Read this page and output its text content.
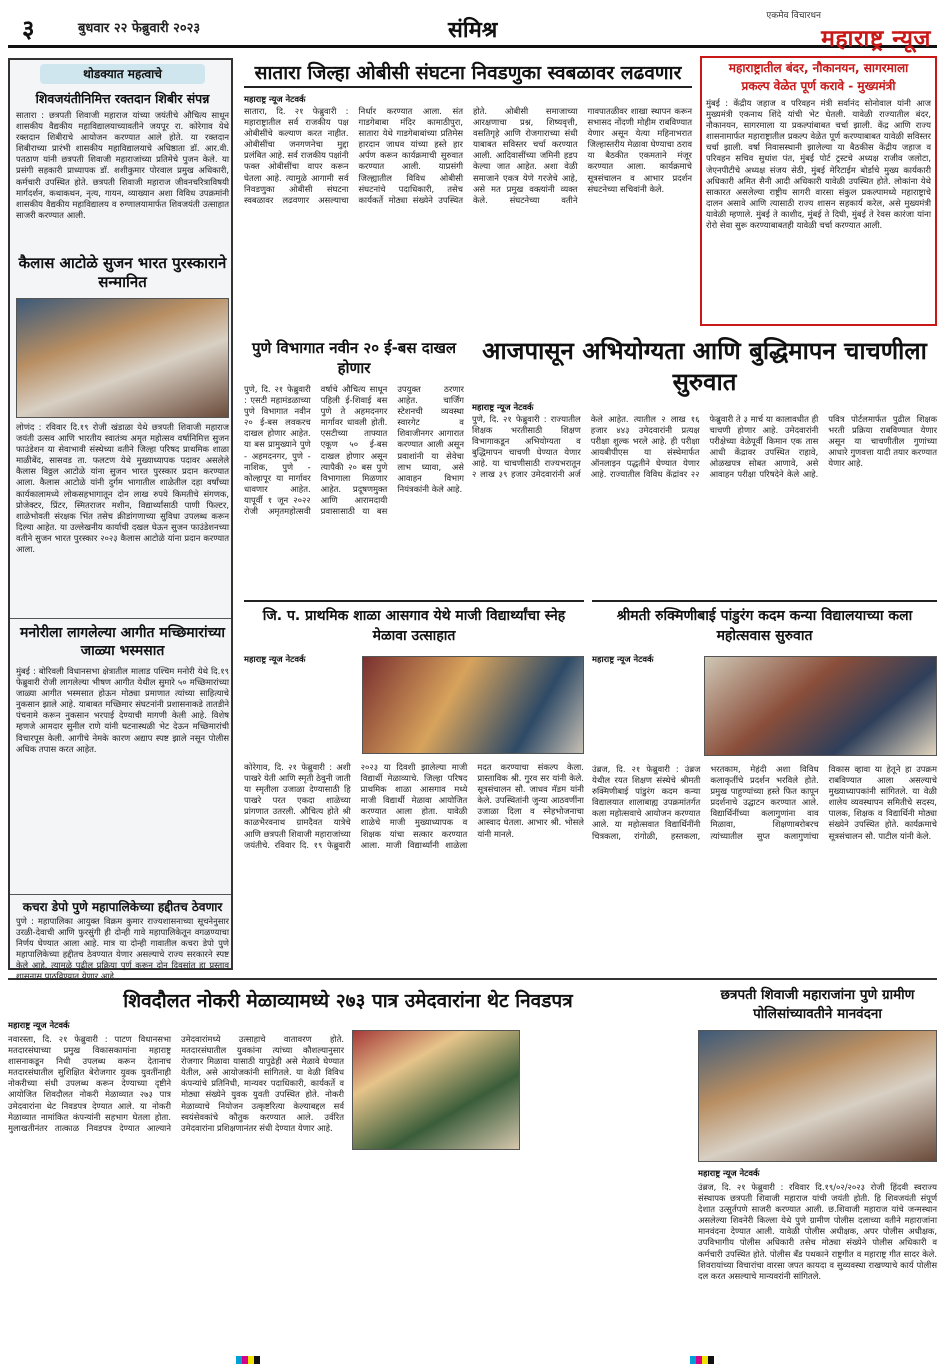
३	बुधवार २२ फेब्रुवारी २०२३	संमिश्र
एकमेव विचारधन
महाराष्ट्र न्यूज
थोडक्यात महत्वाचे
शिवजयंतीनिमित्त रक्तदान शिबीर संपन्न
सातारा : छत्रपती शिवाजी महाराज यांच्या जयंतीचे औचित्य साधून शासकीय वैद्यकीय महाविद्यालयाच्यावतीने जयपूर रा. कोरेगाव येथे रक्तदान शिबीराचे आयोजन करण्यात आले होते. या रक्तदान शिबीराच्या प्रारंभी शासकीय महाविद्यालयाचे अधिष्ठाता डॉ. आर.वी. पतठाण यांनी छत्रपती शिवाजी महाराजांच्या प्रतिमेचे पुजन केले. या प्रसंगी सहकारी प्राध्यापक डॉ. शशीकुमार पोरवाल प्रमुख अधिकारी, कर्मचारी उपस्थित होते. छत्रपती शिवाजी महाराज जीवनचरित्राविषयी मार्गदर्शन, कथाकथन, नृत्य, गायन, व्याख्यान अशा विविध उपक्रमांनी शासकीय वैद्यकीय महाविद्यालय व रुग्णालयामार्फत शिवजयंती उत्साहात साजरी करण्यात आली.
कैलास आटोळे सुजन भारत पुरस्काराने सन्मानित
लोणंद : रविवार दि.१९ रोजी खंडाळा येथे छत्रपती शिवाजी महाराज जयंती उत्सव आणि भारतीय स्वातंत्र्य अमृत महोत्सव वर्षानिमित्त सुजन फाउंडेशन या सेवाभावी संस्थेच्या वतीने जिल्हा परिषद प्राथमिक शाळा माळीबेंद, सासवड ता. फलटण येथे मुख्याध्यापक पदावर असलेले कैलास विठ्ठल आटोळे यांना सुजन भारत पुरस्कार प्रदान करण्यात आला. कैलास आटोळे यांनी दुर्गम भागातील शाळेतील दहा वर्षांच्या कार्यकालामध्ये लोकसहभागातून दोन लाख रुपये किमतीचे संगणक, प्रोजेक्टर, प्रिंटर, स्मितराजर मशीन, विद्यार्थ्यांसाठी पाणी फिल्टर, शाळेभोवती संरक्षक भिंत तसेच क्रीडांगणाच्या सुविधा उपलब्ध करून दिल्या आहेत. या उल्लेखनीय कार्याची दखल घेऊन सुजन फाउंडेशनच्या वतीने सुजन भारत पुरस्कार २०२३ कैलास आटोळे यांना प्रदान करण्यात आला.
मनोरीला लागलेल्या आगीत मच्छिमारांच्या जाळ्या भस्मसात
मुंबई : बोरिवली विधानसभा क्षेत्रातील मालाड पश्चिम मनोरी येथे दि.१९ फेब्रुवारी रोजी लागलेल्या भीषण आगीत येथील सुमारे ५० मच्छिमारांच्या जाळ्या आगीत भस्मसात होऊन मोठ्या प्रमाणात त्यांच्या साहित्याचे नुकसान झाले आहे. याबाबत मच्छिमार संघटनांनी प्रशासनाकडे तातडीने पंचनामे करून नुकसान भरपाई देण्याची मागणी केली आहे. विशेष म्हणजे आमदार सुनील राणे यांनी घटनास्थळी भेट देऊन मच्छिमारांची विचारपूस केली. आगीचे नेमके कारण अद्याप स्पष्ट झाले नसून पोलीस अधिक तपास करत आहेत.
कचरा डेपो पुणे महापालिकेच्या हद्दीतच ठेवणार
पुणे : महापालिका आयुक्त विक्रम कुमार राज्यशासनाच्या सूचनेनुसार उरळी-देवाची आणि फुरसुंगी ही दोन्ही गावे महापालिकेतून वगळण्याचा निर्णय घेण्यात आला आहे. मात्र या दोन्ही गावातील कचरा डेपो पुणे महापालिकेच्या हद्दीतच ठेवण्यात येणार असल्याचे राज्य सरकारने स्पष्ट केले आहे. त्यामुळे पुढील प्रक्रिया पूर्ण करून दोन दिवसांत हा प्रस्ताव शासनास पाठविण्यात येणार आहे.
सातारा जिल्हा ओबीसी संघटना निवडणुका स्वबळावर लढवणार
महाराष्ट्र न्यूज नेटवर्क
सातारा, दि. २१ फेब्रुवारी : महाराष्ट्रातील सर्व राजकीय पक्ष ओबीसींचे कल्याण करत नाहीत. ओबीसींचा जनगणनेचा मुद्दा प्रलंबित आहे. सर्व राजकीय पक्षांनी फक्त ओबीसींचा वापर करून घेतला आहे. त्यामुळे आगामी सर्व निवडणुका ओबीसी संघटना स्वबळावर लढवणार असल्याचा निर्धार करण्यात आला. संत गाडगेबाबा मंदिर कामाठीपुरा, सातारा येथे गाडगेबाबांच्या प्रतिमेस हारदान जाधव यांच्या हस्ते हार अर्पण करून कार्यक्रमाची सुरुवात करण्यात आली. याप्रसंगी जिल्ह्यातील विविध ओबीसी संघटनांचे पदाधिकारी, तसेच कार्यकर्ते मोठ्या संख्येने उपस्थित होते. ओबीसी समाजाच्या आरक्षणाचा प्रश्न, शिष्यवृत्ती, वसतिगृहे आणि रोजगाराच्या संधी याबाबत सविस्तर चर्चा करण्यात आली. आदिवासींच्या जमिनी हडप केल्या जात आहेत. अशा वेळी समाजाने एकत्र येणे गरजेचे आहे, असे मत प्रमुख वक्त्यांनी व्यक्त केले. संघटनेच्या वतीने गावपातळीवर शाखा स्थापन करून सभासद नोंदणी मोहीम राबविण्यात येणार असून येत्या महिनाभरात जिल्हास्तरीय मेळावा घेण्याचा ठराव या बैठकीत एकमताने मंजूर करण्यात आला. कार्यक्रमाचे सूत्रसंचालन व आभार प्रदर्शन संघटनेच्या सचिवांनी केले.
महाराष्ट्रातील बंदर, नौकानयन, सागरमाला
प्रकल्प वेळेत पूर्ण करावे - मुख्यमंत्री
मुंबई : केंद्रीय जहाज व परिवहन मंत्री सर्वानंद सोनोवाल यांनी आज मुख्यमंत्री एकनाथ शिंदे यांची भेट घेतली. यावेळी राज्यातील बंदर, नौकानयन, सागरमाला या प्रकल्पांबाबत चर्चा झाली. केंद्र आणि राज्य शासनामार्फत महाराष्ट्रातील प्रकल्प वेळेत पूर्ण करण्याबाबत यावेळी सविस्तर चर्चा झाली. वर्षा निवासस्थानी झालेल्या या बैठकीस केंद्रीय जहाज व परिवहन सचिव सुधांश पंत, मुंबई पोर्ट ट्रस्टचे अध्यक्ष राजीव जलोटा, जेएनपीटीचे अध्यक्ष संजय सेठी, मुंबई मेरिटाईम बोर्डाचे मुख्य कार्यकारी अधिकारी अमित सैनी आदी अधिकारी यावेळी उपस्थित होते. लोकांना येथे साकारत असलेल्या राष्ट्रीय सागरी वारसा संकुल प्रकल्पामध्ये महाराष्ट्राचे दालन असावे आणि त्यासाठी राज्य शासन सहकार्य करेल, असे मुख्यमंत्री यावेळी म्हणाले. मुंबई ते काशीद, मुंबई ते दिघी, मुंबई ते रेवस कारंजा यांना रोरो सेवा सुरू करण्याबाबतही यावेळी चर्चा करण्यात आली.
पुणे विभागात नवीन २० ई-बस दाखल होणार
पुणे, दि. २१ फेब्रुवारी : एसटी महामंडळाच्या पुणे विभागात नवीन २० ई-बस लवकरच दाखल होणार आहेत. या बस प्रामुख्याने पुणे - अहमदनगर, पुणे - नाशिक, पुणे - कोल्हापूर या मार्गावर धावणार आहेत. यापूर्वी १ जून २०२२ रोजी अमृतमहोत्सवी वर्षाचे औचित्य साधून पहिली ई-शिवाई बस पुणे ते अहमदनगर मार्गावर धावली होती. एसटीच्या ताफ्यात एकूण ५० ई-बस दाखल होणार असून त्यापैकी २० बस पुणे विभागाला मिळणार आहेत. प्रदूषणमुक्त आणि आरामदायी प्रवासासाठी या बस उपयुक्त ठरणार आहेत. चार्जिंग स्टेशनची व्यवस्था स्वारगेट व शिवाजीनगर आगारात करण्यात आली असून प्रवाशांनी या सेवेचा लाभ घ्यावा, असे आवाहन विभाग नियंत्रकांनी केले आहे.
आजपासून अभियोग्यता आणि बुद्धिमापन चाचणीला सुरुवात
महाराष्ट्र न्यूज नेटवर्क
पुणे, दि. २१ फेब्रुवारी : राज्यातील शिक्षक भरतीसाठी शिक्षण विभागाकडून अभियोग्यता व बुद्धिमापन चाचणी घेण्यात येणार आहे. या चाचणीसाठी राज्यभरातून २ लाख ३९ हजार उमेदवारांनी अर्ज केले आहेत. त्यातील २ लाख १६ हजार ४४३ उमेदवारांनी प्रत्यक्ष परीक्षा शुल्क भरले आहे. ही परीक्षा आयबीपीएस या संस्थेमार्फत ऑनलाइन पद्धतीने घेण्यात येणार आहे. राज्यातील विविध केंद्रांवर २२ फेब्रुवारी ते ३ मार्च या कालावधीत ही चाचणी होणार आहे. उमेदवारांनी परीक्षेच्या वेळेपूर्वी किमान एक तास आधी केंद्रावर उपस्थित राहावे, ओळखपत्र सोबत आणावे, असे आवाहन परीक्षा परिषदेने केले आहे. पवित्र पोर्टलमार्फत पुढील शिक्षक भरती प्रक्रिया राबविण्यात येणार असून या चाचणीतील गुणांच्या आधारे गुणवत्ता यादी तयार करण्यात येणार आहे.
जि. प. प्राथमिक शाळा आसगाव येथे माजी विद्यार्थ्यांचा स्नेह मेळावा उत्साहात
महाराष्ट्र न्यूज नेटवर्क
कोरेगाव, दि. २१ फेब्रुवारी : अशी पाखरे येती आणि स्मृती ठेवुनी जाती या स्मृतीला उजाळा देण्यासाठी हि पाखरे परत एकदा शाळेच्या प्रांगणात उतरली. औचित्य होते श्री काळभैरवनाथ ग्रामदैवत यात्रेचे आणि छत्रपती शिवाजी महाराजांच्या जयंतीचे. रविवार दि. १९ फेब्रुवारी २०२३ या दिवशी झालेल्या माजी विद्यार्थी मेळाव्याचे. जिल्हा परिषद प्राथमिक शाळा आसगाव मध्ये माजी विद्यार्थी मेळावा आयोजित करण्यात आला होता. यावेळी शाळेचे माजी मुख्याध्यापक व शिक्षक यांचा सत्कार करण्यात आला. माजी विद्यार्थ्यांनी शाळेला मदत करण्याचा संकल्प केला. प्रास्ताविक श्री. गुरव सर यांनी केले. सूत्रसंचालन सौ. जाधव मॅडम यांनी केले. उपस्थितांनी जुन्या आठवणींना उजाळा दिला व स्नेहभोजनाचा आस्वाद घेतला. आभार श्री. भोसले यांनी मानले.
श्रीमती रुक्मिणीबाई पांडुरंग कदम कन्या विद्यालयाच्या कला महोत्सवास सुरुवात
महाराष्ट्र न्यूज नेटवर्क
उंब्रज, दि. २१ फेब्रुवारी : उंब्रज येथील रयत शिक्षण संस्थेचे श्रीमती रुक्मिणीबाई पांडुरंग कदम कन्या विद्यालयात शालाबाह्य उपक्रमांतर्गत कला महोत्सवाचे आयोजन करण्यात आले. या महोत्सवात विद्यार्थिनींनी चित्रकला, रांगोळी, हस्तकला, भरतकाम, मेहंदी अशा विविध कलाकृतींचे प्रदर्शन भरविले होते. प्रमुख पाहुण्यांच्या हस्ते फित कापून प्रदर्शनाचे उद्घाटन करण्यात आले. विद्यार्थिनींच्या कलागुणांना वाव मिळावा, शिक्षणाबरोबरच त्यांच्यातील सुप्त कलागुणांचा विकास व्हावा या हेतूने हा उपक्रम राबविण्यात आला असल्याचे मुख्याध्यापकांनी सांगितले. या वेळी शालेय व्यवस्थापन समितीचे सदस्य, पालक, शिक्षक व विद्यार्थिनी मोठ्या संख्येने उपस्थित होते. कार्यक्रमाचे सूत्रसंचालन सौ. पाटील यांनी केले.
शिवदौलत नोकरी मेळाव्यामध्ये २७३ पात्र उमेदवारांना थेट निवडपत्र
महाराष्ट्र न्यूज नेटवर्क
नवारस्ता, दि. २१ फेब्रुवारी : पाटण विधानसभा मतदारसंघाच्या प्रमुख विकासकामांना महाराष्ट्र शासनाकडून निधी उपलब्ध करून देतानाच मतदारसंघातील सुशिक्षित बेरोजगार युवक युवतींनाही नोकरीच्या संधी उपलब्ध करून देण्याच्या दृष्टीने आयोजित शिवदौलत नोकरी मेळाव्यात २७३ पात्र उमेदवारांना थेट निवडपत्र देण्यात आले. या नोकरी मेळाव्यात नामांकित कंपन्यांनी सहभाग घेतला होता. मुलाखतीनंतर तात्काळ निवडपत्र देण्यात आल्याने उमेदवारांमध्ये उत्साहाचे वातावरण होते. मतदारसंघातील युवकांना त्यांच्या कौशल्यानुसार रोजगार मिळावा यासाठी यापुढेही असे मेळावे घेण्यात येतील, असे आयोजकांनी सांगितले. या वेळी विविध कंपन्यांचे प्रतिनिधी, मान्यवर पदाधिकारी, कार्यकर्ते व मोठ्या संख्येने युवक युवती उपस्थित होते. नोकरी मेळाव्याचे नियोजन उत्कृष्टरित्या केल्याबद्दल सर्व स्वयंसेवकांचे कौतुक करण्यात आले. उर्वरित उमेदवारांना प्रशिक्षणानंतर संधी देण्यात येणार आहे.
छत्रपती शिवाजी महाराजांना पुणे ग्रामीण पोलिसांच्यावतीने मानवंदना
महाराष्ट्र न्यूज नेटवर्क
उंब्रज, दि. २१ फेब्रुवारी : रविवार दि.१९/०२/२०२३ रोजी हिंदवी स्वराज्य संस्थापक छत्रपती शिवाजी महाराज यांची जयंती होती. हि शिवजयंती संपूर्ण देशात उत्सुर्तपणे साजरी करण्यात आली. छ.शिवाजी महाराज यांचे जन्मस्थान असलेल्या शिवनेरी किल्ला येथे पुणे ग्रामीण पोलीस दलाच्या वतीने महाराजांना मानवंदना देण्यात आली. यावेळी पोलीस अधीक्षक, अपर पोलीस अधीक्षक, उपविभागीय पोलीस अधिकारी तसेच मोठ्या संख्येने पोलीस अधिकारी व कर्मचारी उपस्थित होते. पोलीस बँड पथकाने राष्ट्रगीत व महाराष्ट्र गीत सादर केले. शिवरायांच्या विचारांचा वारसा जपत कायदा व सुव्यवस्था राखण्याचे कार्य पोलीस दल करत असल्याचे मान्यवरांनी सांगितले.
